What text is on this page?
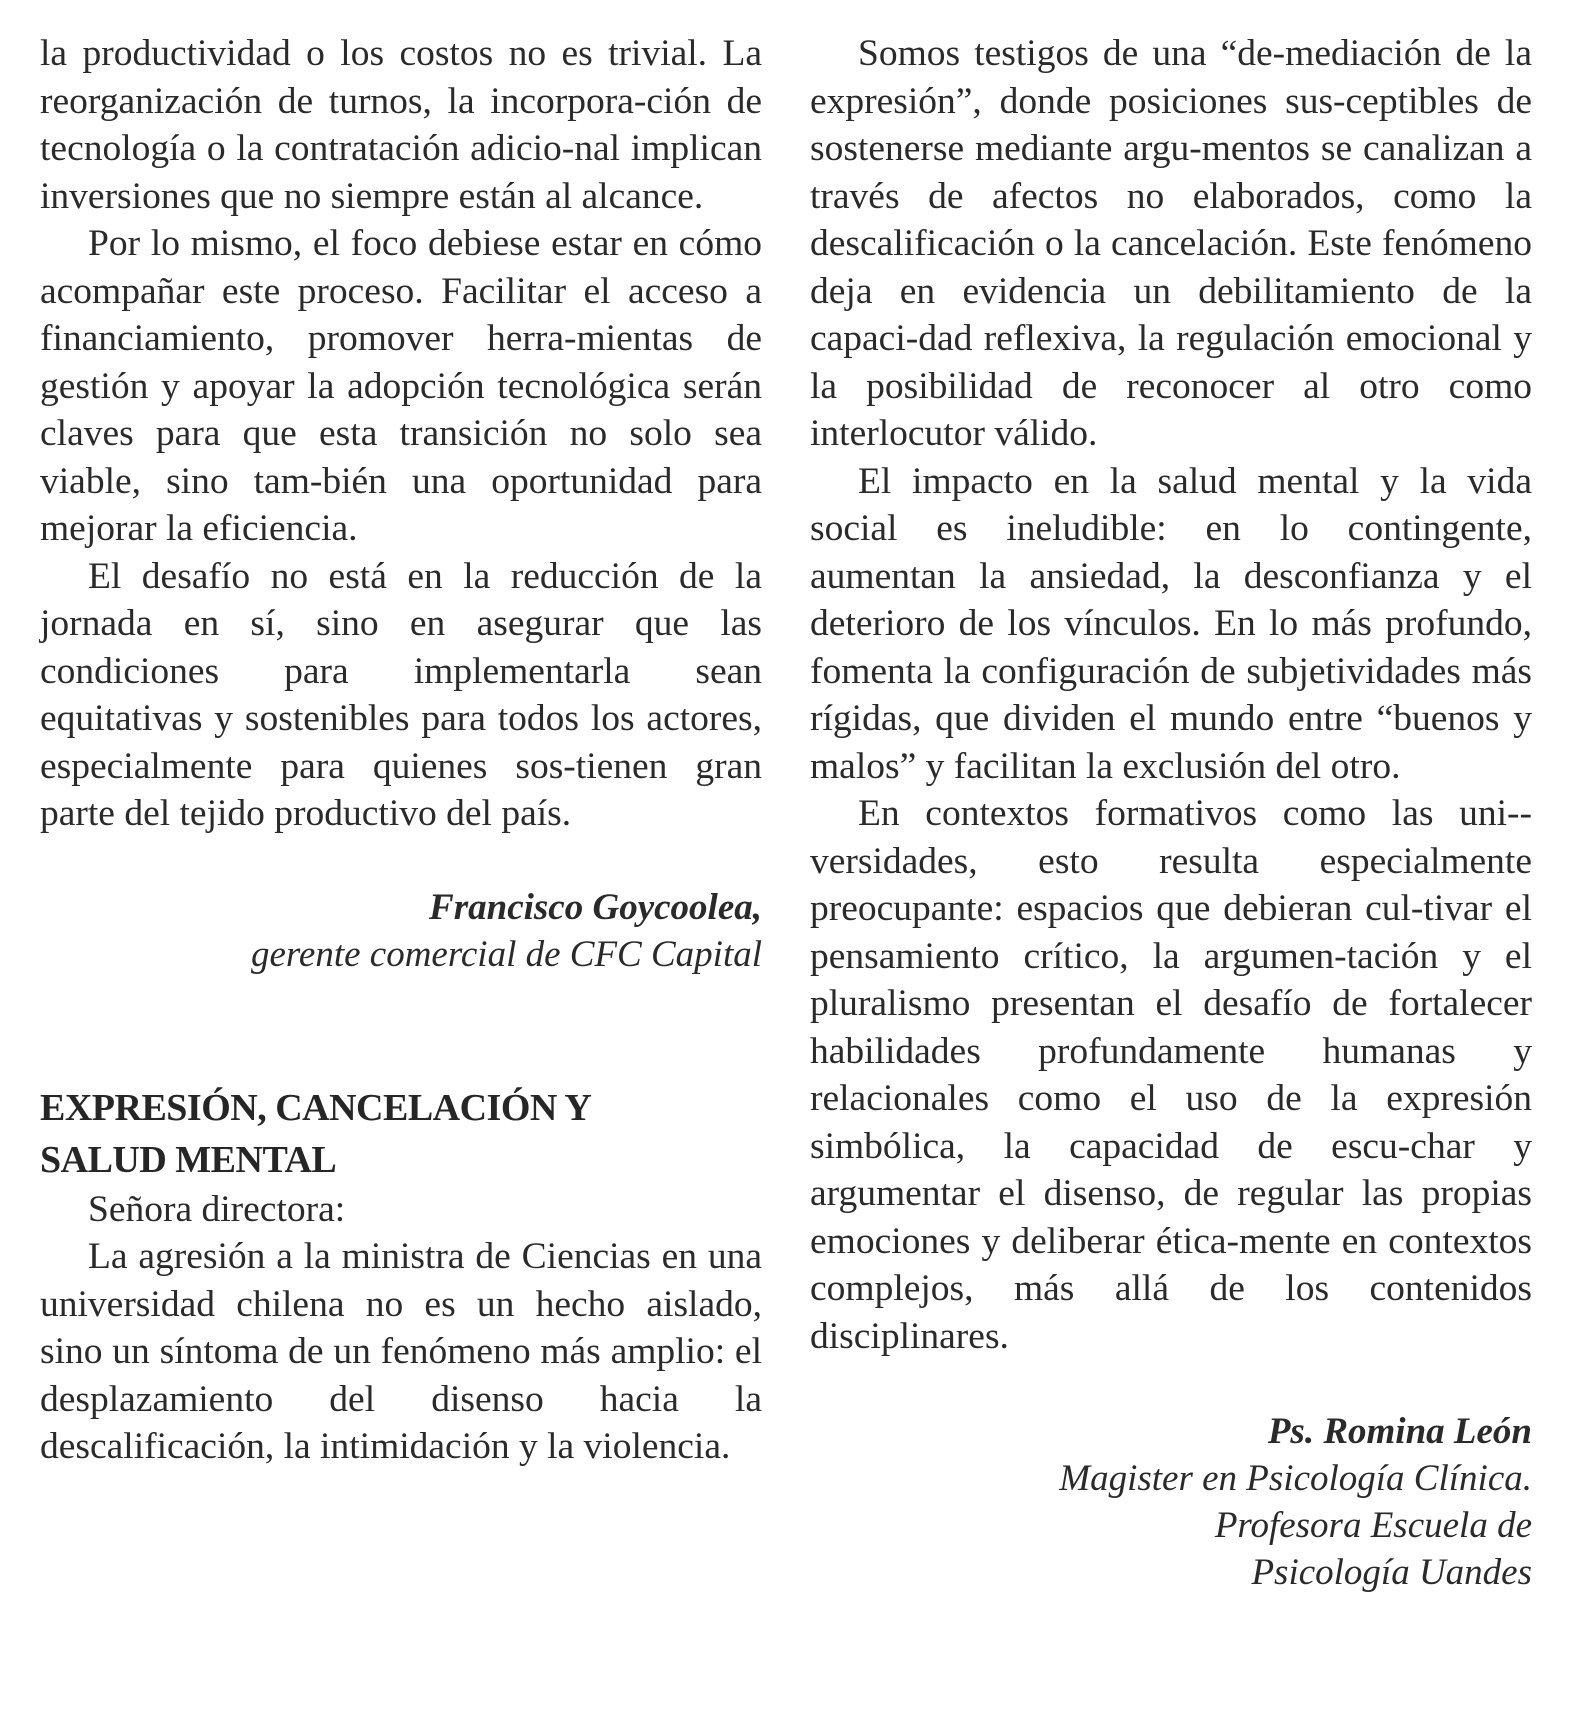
la productividad o los costos no es trivial. La reorganización de turnos, la incorpora-ción de tecnología o la contratación adicio-nal implican inversiones que no siempre están al alcance.

Por lo mismo, el foco debiese estar en cómo acompañar este proceso. Facilitar el acceso a financiamiento, promover herra-mientas de gestión y apoyar la adopción tecnológica serán claves para que esta transición no solo sea viable, sino tam-bién una oportunidad para mejorar la eficiencia.

El desafío no está en la reducción de la jornada en sí, sino en asegurar que las condiciones para implementarla sean equitativas y sostenibles para todos los actores, especialmente para quienes sos-tienen gran parte del tejido productivo del país.

Francisco Goycoolea,
gerente comercial de CFC Capital
EXPRESIÓN, CANCELACIÓN Y
SALUD MENTAL

Señora directora:

La agresión a la ministra de Ciencias en una universidad chilena no es un hecho aislado, sino un síntoma de un fenómeno más amplio: el desplazamiento del disenso hacia la descalificación, la intimidación y la violencia.

Somos testigos de una “de-mediación de la expresión”, donde posiciones sus-ceptibles de sostenerse mediante argu-mentos se canalizan a través de afectos no elaborados, como la descalificación o la cancelación. Este fenómeno deja en evidencia un debilitamiento de la capaci-dad reflexiva, la regulación emocional y la posibilidad de reconocer al otro como interlocutor válido.

El impacto en la salud mental y la vida social es ineludible: en lo contingente, aumentan la ansiedad, la desconfianza y el deterioro de los vínculos. En lo más profundo, fomenta la configuración de subjetividades más rígidas, que dividen el mundo entre “buenos y malos” y facilitan la exclusión del otro.

En contextos formativos como las uni-versidades, esto resulta especialmente preocupante: espacios que debieran cul-tivar el pensamiento crítico, la argumen-tación y el pluralismo presentan el desafío de fortalecer habilidades profundamente humanas y relacionales como el uso de la expresión simbólica, la capacidad de escu-char y argumentar el disenso, de regular las propias emociones y deliberar ética-mente en contextos complejos, más allá de los contenidos disciplinares.

Ps. Romina León
Magister en Psicología Clínica.
Profesora Escuela de
Psicología Uandes
